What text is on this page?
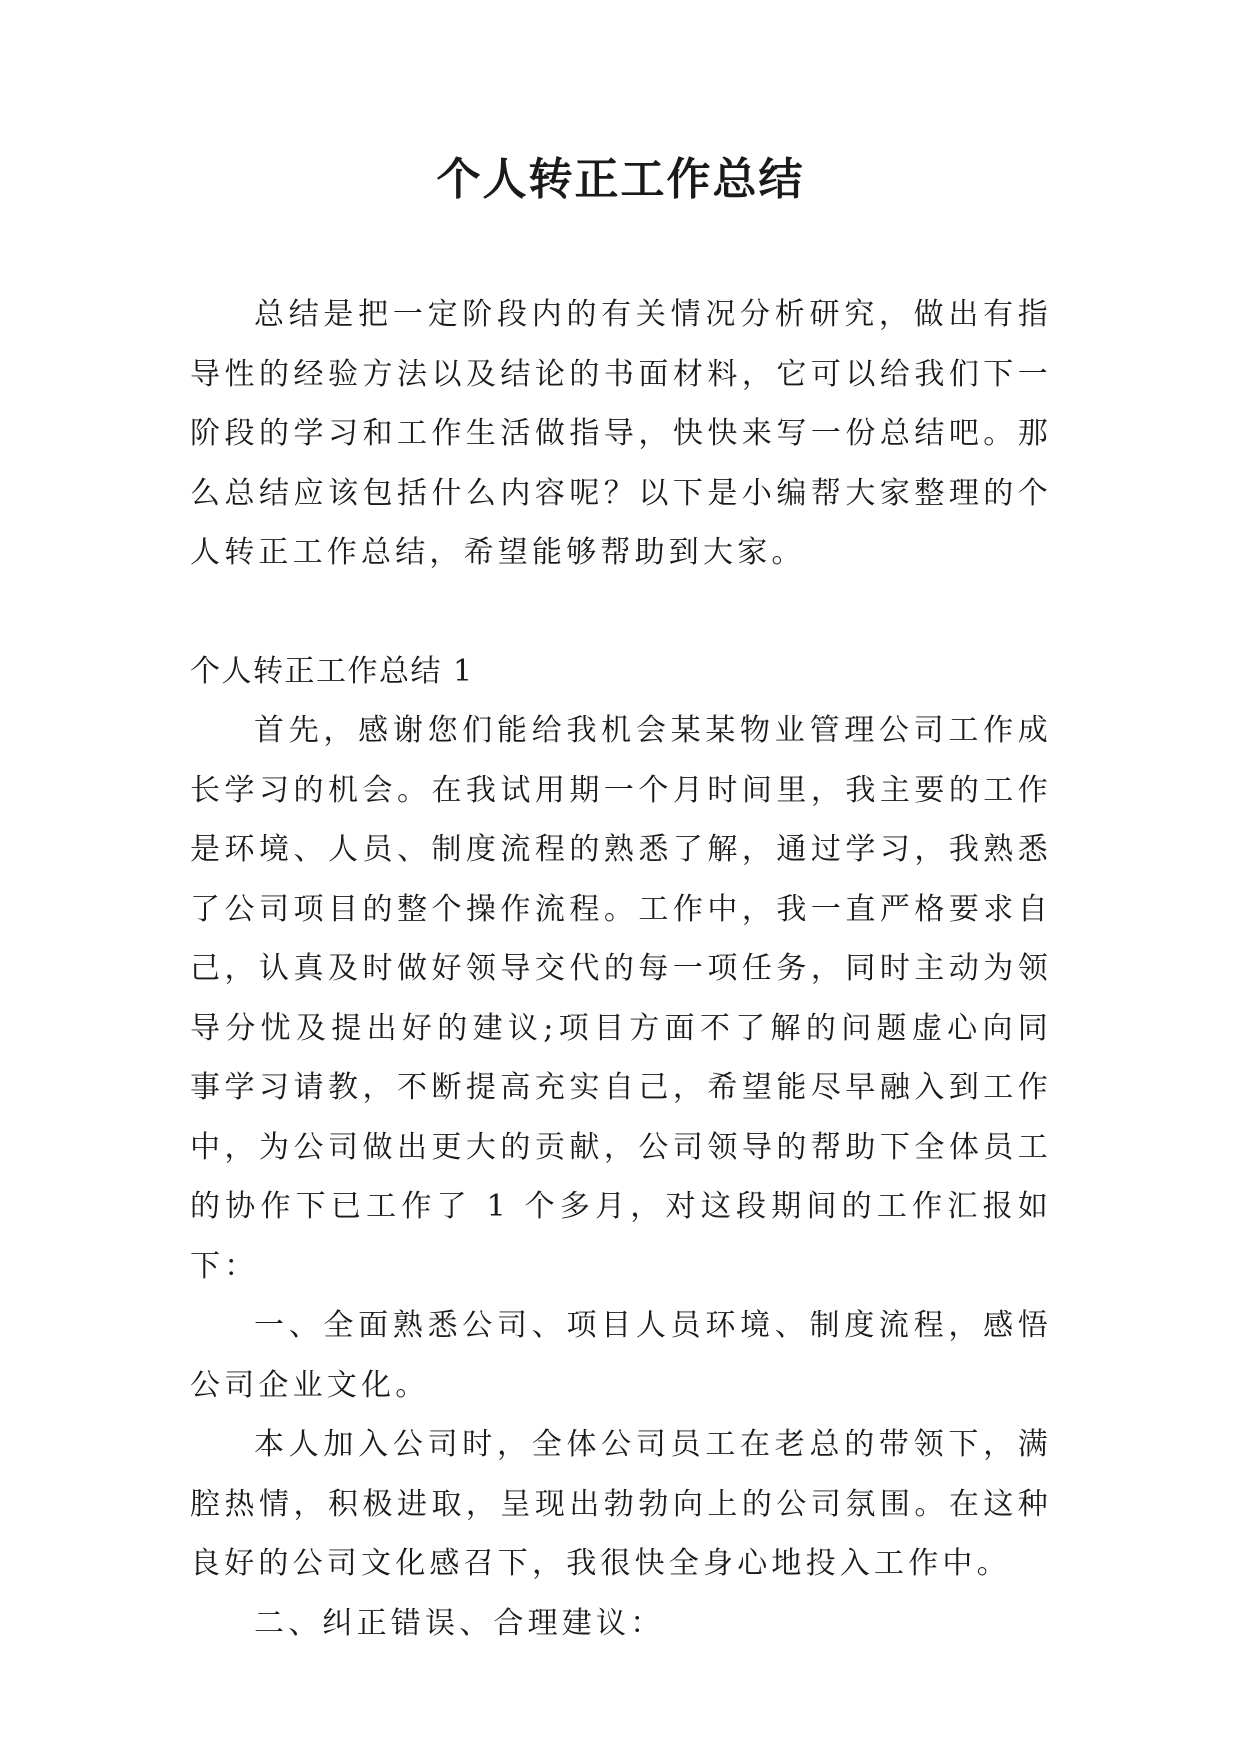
个人转正工作总结

总结是把一定阶段内的有关情况分析研究，做出有指导性的经验方法以及结论的书面材料，它可以给我们下一阶段的学习和工作生活做指导，快快来写一份总结吧。那么总结应该包括什么内容呢？以下是小编帮大家整理的个人转正工作总结，希望能够帮助到大家。

个人转正工作总结 1

首先，感谢您们能给我机会某某物业管理公司工作成长学习的机会。在我试用期一个月时间里，我主要的工作是环境、人员、制度流程的熟悉了解，通过学习，我熟悉了公司项目的整个操作流程。工作中，我一直严格要求自己，认真及时做好领导交代的每一项任务，同时主动为领导分忧及提出好的建议;项目方面不了解的问题虚心向同事学习请教，不断提高充实自己，希望能尽早融入到工作中，为公司做出更大的贡献，公司领导的帮助下全体员工的协作下已工作了 1 个多月，对这段期间的工作汇报如下：

一、全面熟悉公司、项目人员环境、制度流程，感悟公司企业文化。

本人加入公司时，全体公司员工在老总的带领下，满腔热情，积极进取，呈现出勃勃向上的公司氛围。在这种良好的公司文化感召下，我很快全身心地投入工作中。

二、纠正错误、合理建议：
